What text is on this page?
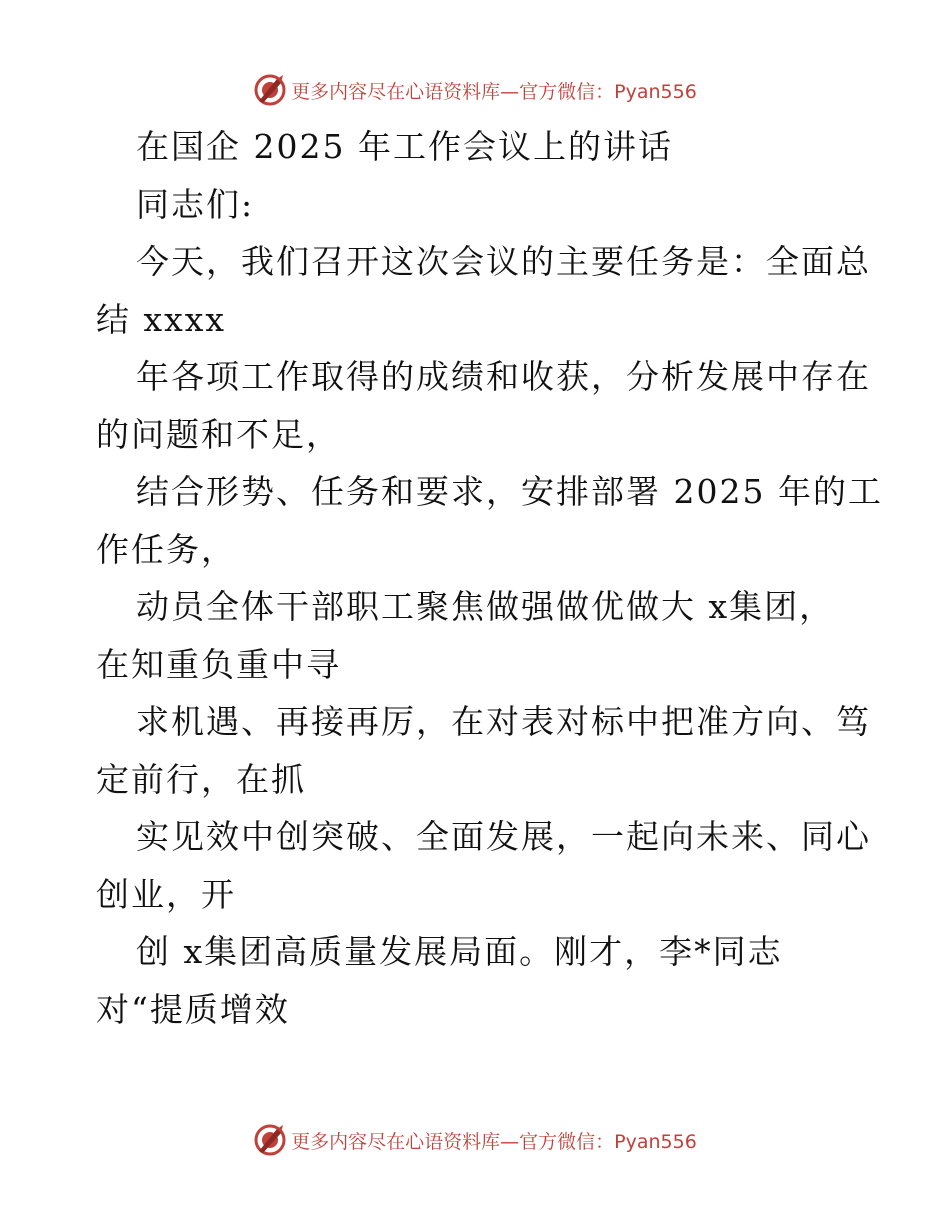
更多内容尽在心语资料库—官方微信：Pyan556
在国企 2025 年工作会议上的讲话
同志们:
今天，我们召开这次会议的主要任务是：全面总
结 xxxx
年各项工作取得的成绩和收获，分析发展中存在
的问题和不足，
结合形势、任务和要求，安排部署 2025 年的工
作任务，
动员全体干部职工聚焦做强做优做大 x集团，
在知重负重中寻
求机遇、再接再厉，在对表对标中把准方向、笃
定前行，在抓
实见效中创突破、全面发展，一起向未来、同心
创业，开
创 x集团高质量发展局面。刚才，李*同志
对“提质增效
更多内容尽在心语资料库—官方微信：Pyan556
